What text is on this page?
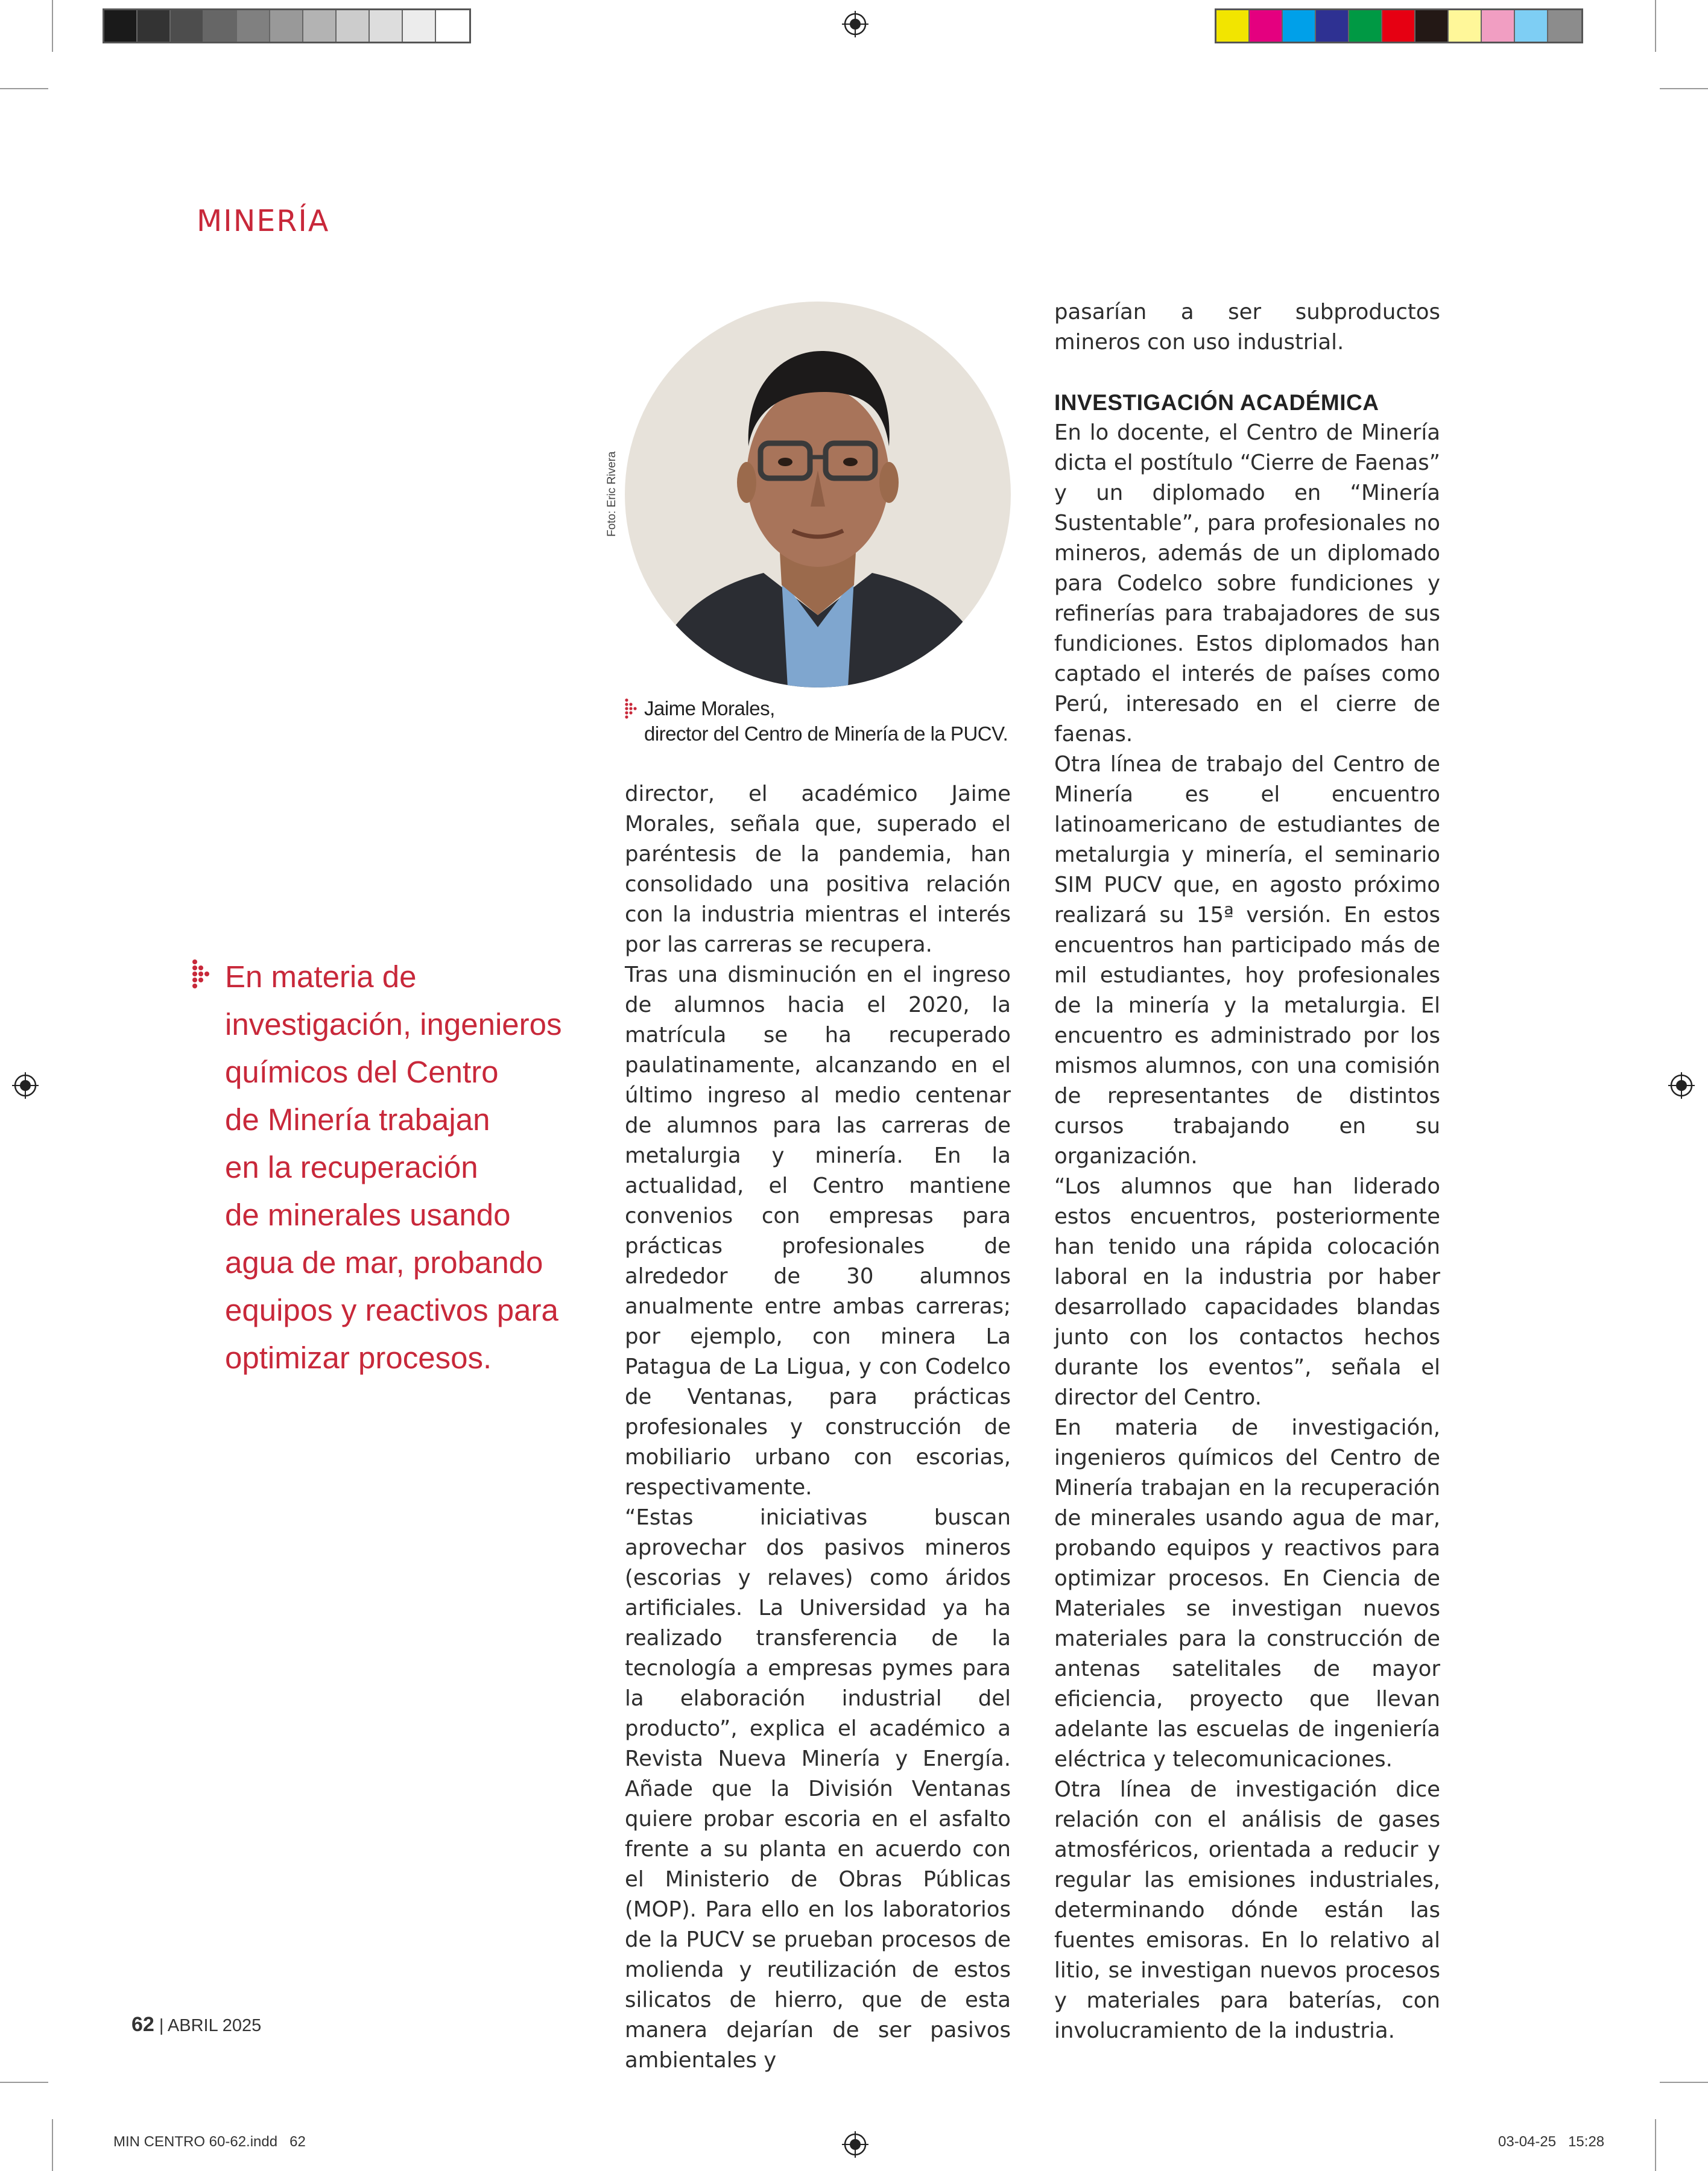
MINERÍA
En materia de
investigación, ingenieros
químicos del Centro
de Minería trabajan
en la recuperación
de minerales usando
agua de mar, probando
equipos y reactivos para
optimizar procesos.
Foto: Eric Rivera
Jaime Morales,
director del Centro de Minería de la PUCV.

director, el académico Jaime Morales, señala que, superado el paréntesis de la pandemia, han consolidado una positiva relación con la industria mientras el interés por las carreras se recupera.

Tras una disminución en el ingreso de alumnos hacia el 2020, la matrícula se ha recuperado paulatinamente, alcanzando en el último ingreso al medio centenar de alumnos para las carreras de metalurgia y minería. En la actualidad, el Centro mantiene convenios con empresas para prácticas profesionales de alrededor de 30 alumnos anualmente entre ambas carreras; por ejemplo, con minera La Patagua de La Ligua, y con Codelco de Ventanas, para prácticas profesionales y construcción de mobiliario urbano con escorias, respectivamente.

“Estas iniciativas buscan aprovechar dos pasivos mineros (escorias y relaves) como áridos artificiales. La Universidad ya ha realizado transferencia de la tecnología a empresas pymes para la elaboración industrial del producto”, explica el académico a Revista Nueva Minería y Energía. Añade que la División Ventanas quiere probar escoria en el asfalto frente a su planta en acuerdo con el Ministerio de Obras Públicas (MOP). Para ello en los laboratorios de la PUCV se prueban procesos de molienda y reutilización de estos silicatos de hierro, que de esta manera dejarían de ser pasivos ambientales y

pasarían a ser subproductos mineros con uso industrial.

INVESTIGACIÓN ACADÉMICA

En lo docente, el Centro de Minería dicta el postítulo “Cierre de Faenas” y un diplomado en “Minería Sustentable”, para profesionales no mineros, además de un diplomado para Codelco sobre fundiciones y refinerías para trabajadores de sus fundiciones. Estos diplomados han captado el interés de países como Perú, interesado en el cierre de faenas.

Otra línea de trabajo del Centro de Minería es el encuentro latinoamericano de estudiantes de metalurgia y minería, el seminario SIM PUCV que, en agosto próximo realizará su 15ª versión. En estos encuentros han participado más de mil estudiantes, hoy profesionales de la minería y la metalurgia. El encuentro es administrado por los mismos alumnos, con una comisión de representantes de distintos cursos trabajando en su organización.

“Los alumnos que han liderado estos encuentros, posteriormente han tenido una rápida colocación laboral en la industria por haber desarrollado capacidades blandas junto con los contactos hechos durante los eventos”, señala el director del Centro.

En materia de investigación, ingenieros químicos del Centro de Minería trabajan en la recuperación de minerales usando agua de mar, probando equipos y reactivos para optimizar procesos. En Ciencia de Materiales se investigan nuevos materiales para la construcción de antenas satelitales de mayor eficiencia, proyecto que llevan adelante las escuelas de ingeniería eléctrica y telecomunicaciones.

Otra línea de investigación dice relación con el análisis de gases atmosféricos, orientada a reducir y regular las emisiones industriales, determinando dónde están las fuentes emisoras. En lo relativo al litio, se investigan nuevos procesos y materiales para baterías, con involucramiento de la industria.

62 | ABRIL 2025
MIN CENTRO 60-62.indd   62	03-04-25   15:28
